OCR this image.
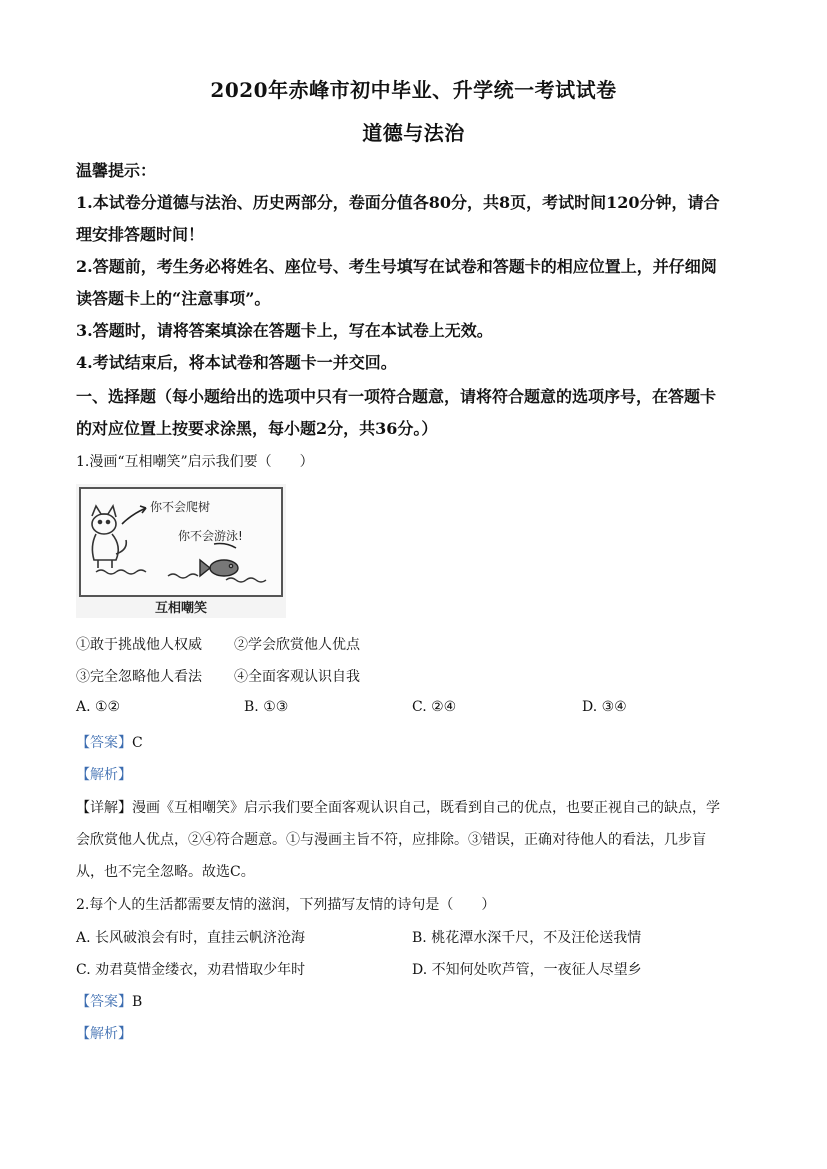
2020年赤峰市初中毕业、升学统一考试试卷
道德与法治
温馨提示：
1.本试卷分道德与法治、历史两部分，卷面分值各80分，共8页，考试时间120分钟，请合
理安排答题时间！
2.答题前，考生务必将姓名、座位号、考生号填写在试卷和答题卡的相应位置上，并仔细阅
读答题卡上的“注意事项”。
3.答题时，请将答案填涂在答题卡上，写在本试卷上无效。
4.考试结束后，将本试卷和答题卡一并交回。
一、选择题（每小题给出的选项中只有一项符合题意，请将符合题意的选项序号，在答题卡
的对应位置上按要求涂黑，每小题2分，共36分。）
1.漫画“互相嘲笑”启示我们要（　　）
你不会爬树
你不会游泳!
互相嘲笑
①敢于挑战他人权威 ②学会欣赏他人优点
③完全忽略他人看法 ④全面客观认识自我
A. ①②	B. ①③	C. ②④	D. ③④
【答案】C
【解析】
【详解】漫画《互相嘲笑》启示我们要全面客观认识自己，既看到自己的优点，也要正视自己的缺点，学
会欣赏他人优点，②④符合题意。①与漫画主旨不符，应排除。③错误，正确对待他人的看法，几步盲
从，也不完全忽略。故选C。
2.每个人的生活都需要友情的滋润，下列描写友情的诗句是（　　）
A. 长风破浪会有时，直挂云帆济沧海	B. 桃花潭水深千尺，不及汪伦送我情
C. 劝君莫惜金缕衣，劝君惜取少年时	D. 不知何处吹芦管，一夜征人尽望乡
【答案】B
【解析】
